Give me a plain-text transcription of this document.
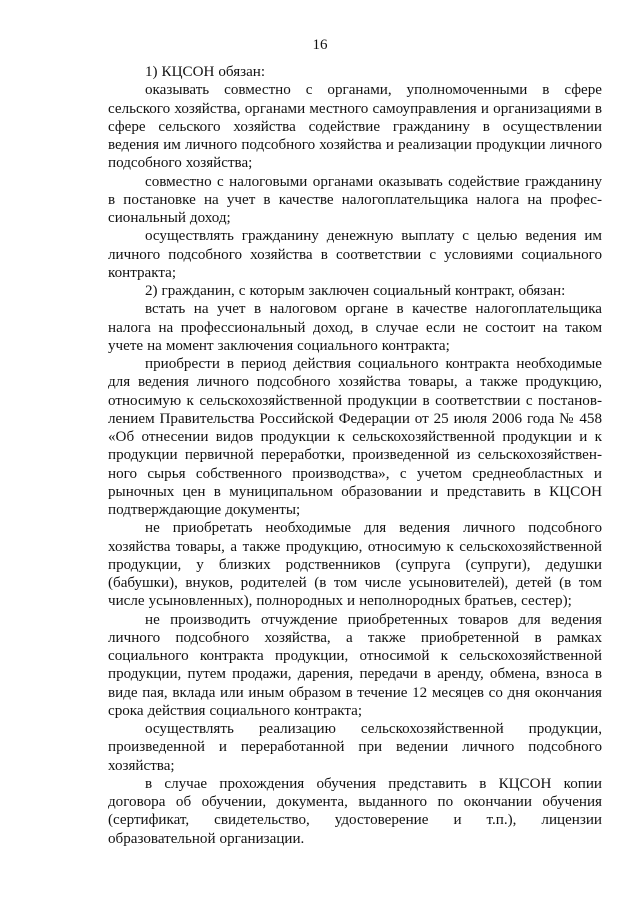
16

1) КЦСОН обязан:

оказывать совместно с органами, уполномоченными в сфере сельского хозяйства, органами местного самоуправления и организациями в сфере сельского хозяйства содействие гражданину в осуществлении ведения им личного подсобного хозяйства и реализации продукции личного подсобного хозяйства;

совместно с налоговыми органами оказывать содействие гражданину в постановке на учет в качестве налогоплательщика налога на профессиональный доход;

осуществлять гражданину денежную выплату с целью ведения им личного подсобного хозяйства в соответствии с условиями социального контракта;

2) гражданин, с которым заключен социальный контракт, обязан:

встать на учет в налоговом органе в качестве налогоплательщика налога на профессиональный доход, в случае если не состоит на таком учете на момент заключения социального контракта;

приобрести в период действия социального контракта необходимые для ведения личного подсобного хозяйства товары, а также продукцию, относимую к сельскохозяйственной продукции в соответствии с постановлением Правительства Российской Федерации от 25 июля 2006 года № 458 «Об отнесении видов продукции к сельскохозяйственной продукции и к продукции первичной переработки, произведенной из сельскохозяйственного сырья собственного производства», с учетом среднеобластных и рыночных цен в муниципальном образовании и представить в КЦСОН подтверждающие документы;

не приобретать необходимые для ведения личного подсобного хозяйства товары, а также продукцию, относимую к сельскохозяйственной продукции, у близких родственников (супруга (супруги), дедушки (бабушки), внуков, родителей (в том числе усыновителей), детей (в том числе усыновленных), полнородных и неполнородных братьев, сестер);

не производить отчуждение приобретенных товаров для ведения личного подсобного хозяйства, а также приобретенной в рамках социального контракта продукции, относимой к сельскохозяйственной продукции, путем продажи, дарения, передачи в аренду, обмена, взноса в виде пая, вклада или иным образом в течение 12 месяцев со дня окончания срока действия социального контракта;

осуществлять реализацию сельскохозяйственной продукции, произведенной и переработанной при ведении личного подсобного хозяйства;

в случае прохождения обучения представить в КЦСОН копии договора об обучении, документа, выданного по окончании обучения (сертификат, свидетельство, удостоверение и т.п.), лицензии образовательной организации.
